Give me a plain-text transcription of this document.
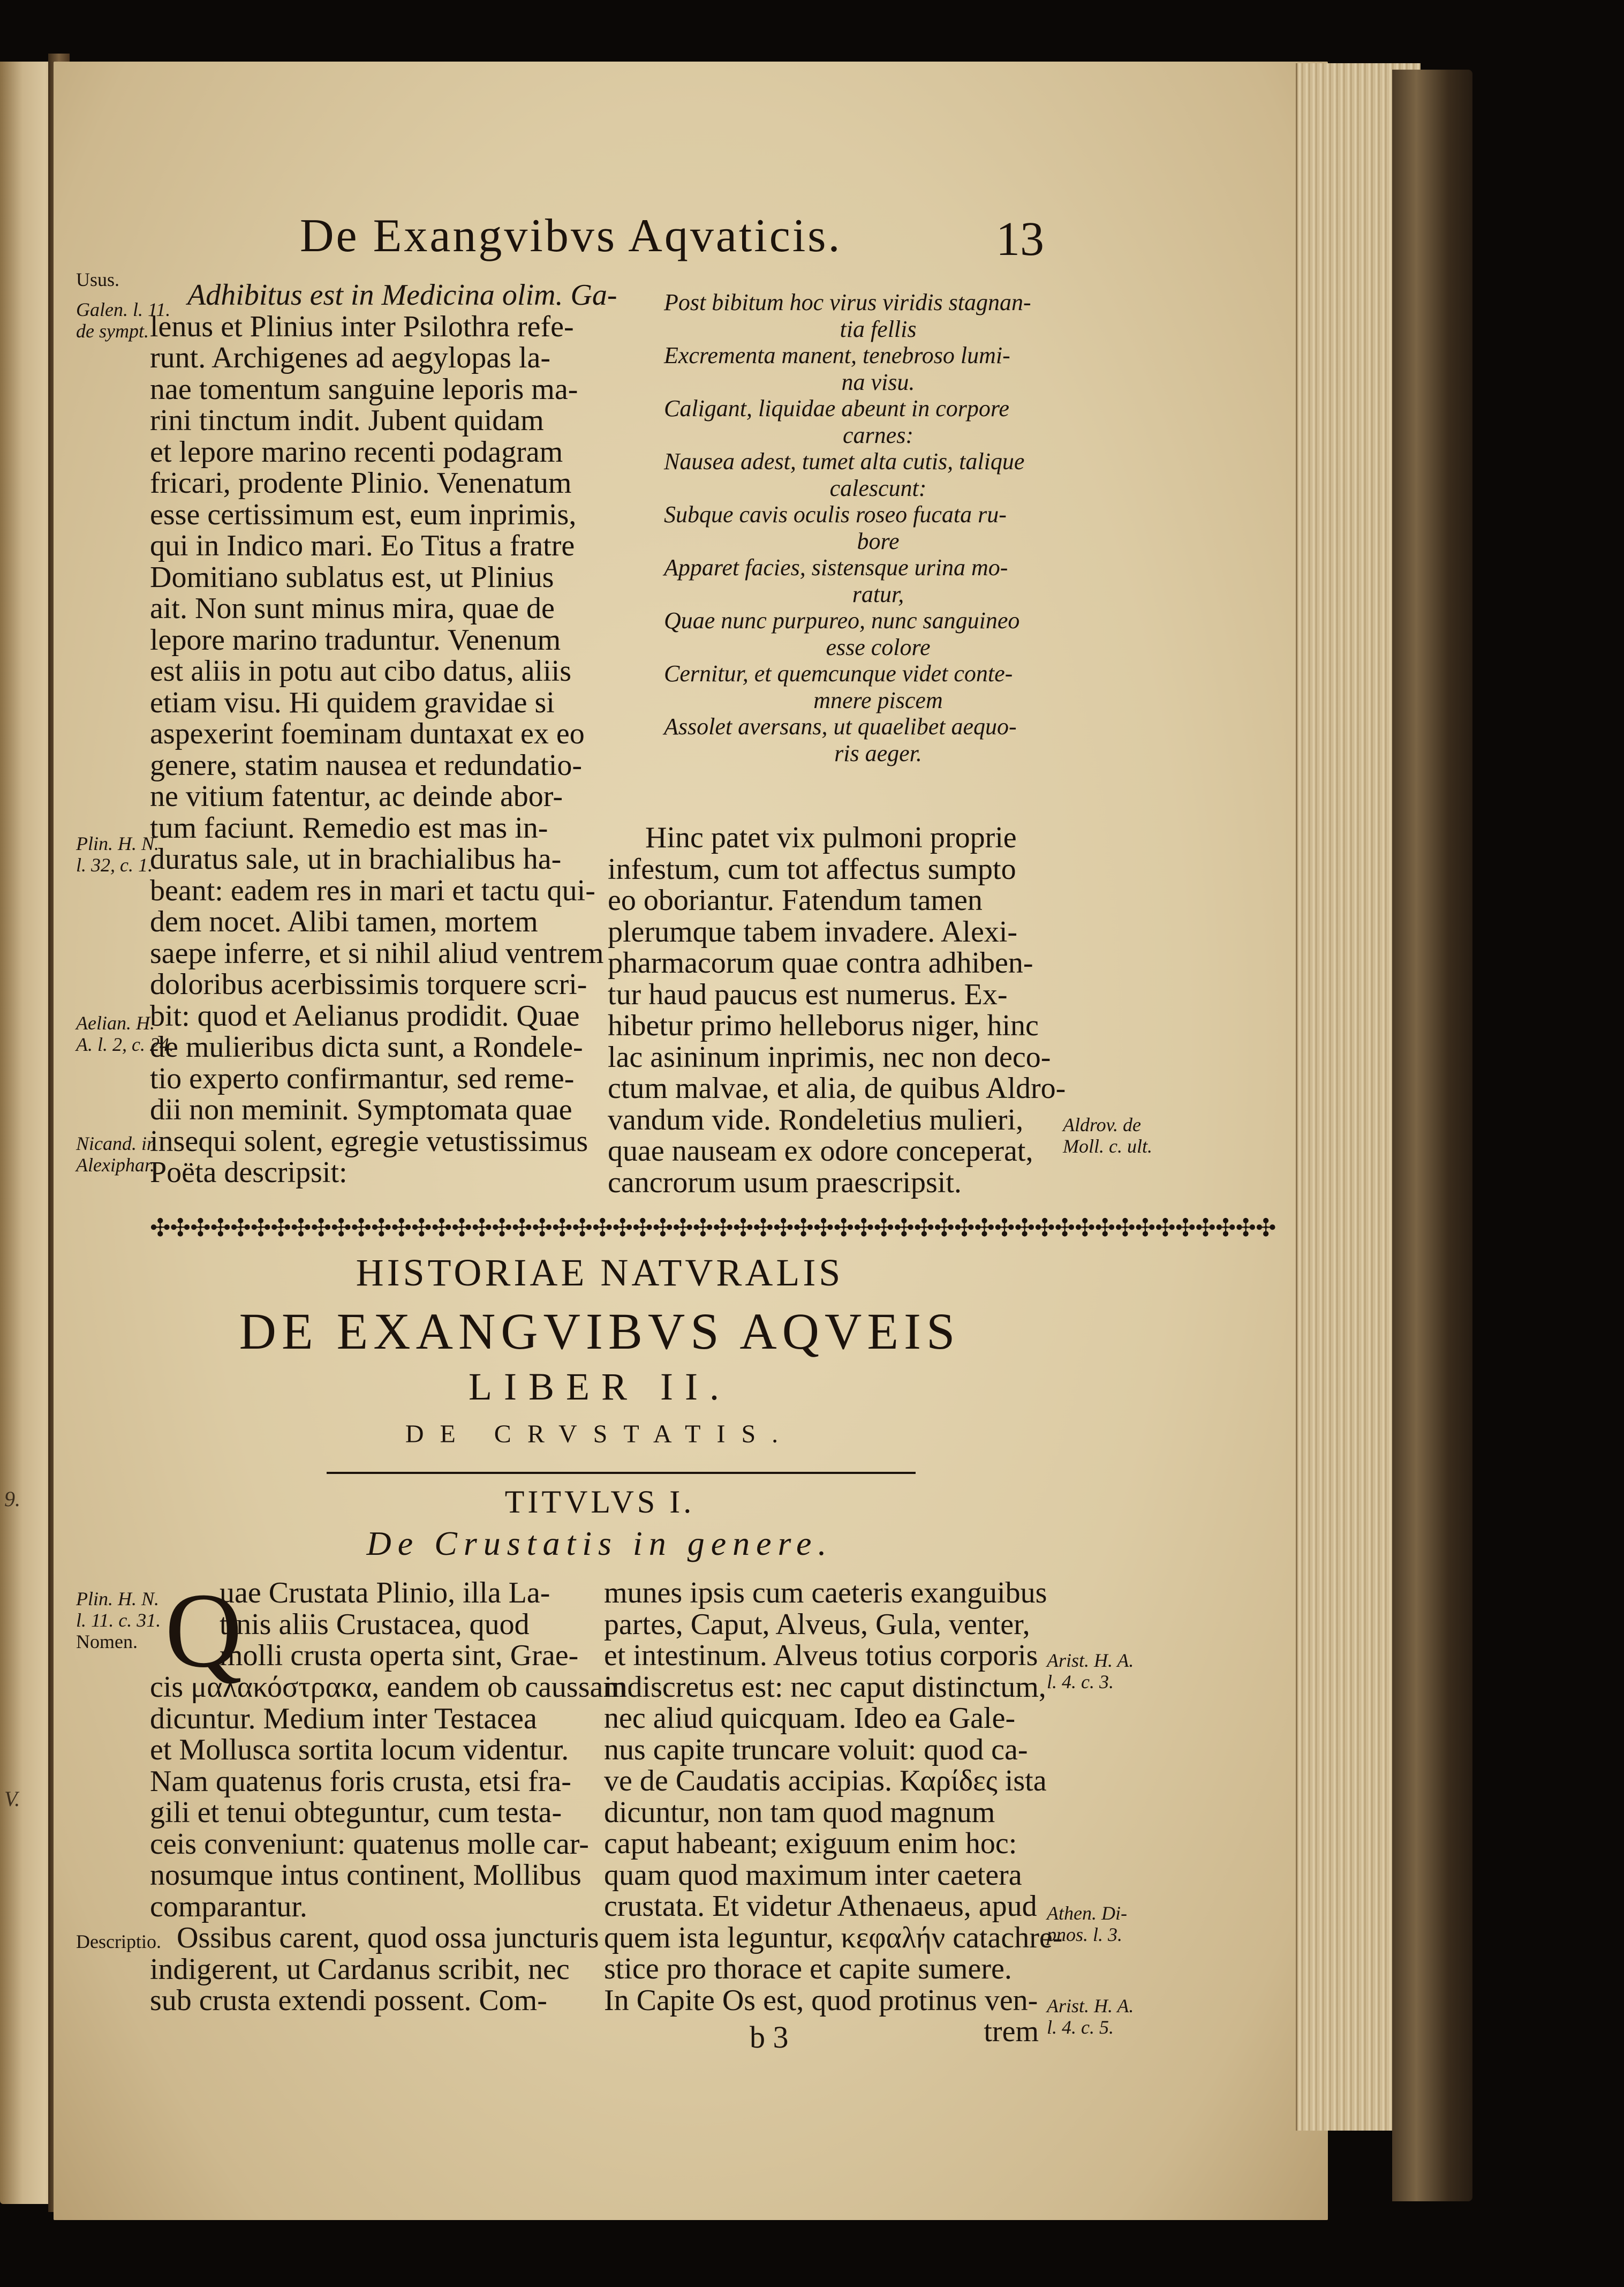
9.
V.
De Exangvibvs Aqvaticis.	13
Usus.
Galen. l. 11.
de sympt.
Plin. H. N.
l. 32, c. 1.
Aelian. H.
A. l. 2, c. 24.
Nicand. in
Alexiphar.
Adhibitus est in Medicina olim. Ga-
lenus et Plinius inter Psilothra refe-
runt. Archigenes ad aegylopas la-
nae tomentum sanguine leporis ma-
rini tinctum indit. Jubent quidam
et lepore marino recenti podagram
fricari, prodente Plinio. Venenatum
esse certissimum est, eum inprimis,
qui in Indico mari. Eo Titus a fratre
Domitiano sublatus est, ut Plinius
ait. Non sunt minus mira, quae de
lepore marino traduntur. Venenum
est aliis in potu aut cibo datus, aliis
etiam visu. Hi quidem gravidae si
aspexerint foeminam duntaxat ex eo
genere, statim nausea et redundatio-
ne vitium fatentur, ac deinde abor-
tum faciunt. Remedio est mas in-
duratus sale, ut in brachialibus ha-
beant: eadem res in mari et tactu qui-
dem nocet. Alibi tamen, mortem
saepe inferre, et si nihil aliud ventrem
doloribus acerbissimis torquere scri-
bit: quod et Aelianus prodidit. Quae
de mulieribus dicta sunt, a Rondele-
tio experto confirmantur, sed reme-
dii non meminit. Symptomata quae
insequi solent, egregie vetustissimus
Poëta descripsit:
Post bibitum hoc virus viridis stagnan-
tia fellis
Excrementa manent, tenebroso lumi-
na visu.
Caligant, liquidae abeunt in corpore
carnes:
Nausea adest, tumet alta cutis, talique
calescunt:
Subque cavis oculis roseo fucata ru-
bore
Apparet facies, sistensque urina mo-
ratur,
Quae nunc purpureo, nunc sanguineo
esse colore
Cernitur, et quemcunque videt conte-
mnere piscem
Assolet aversans, ut quaelibet aequo-
ris aeger.
Hinc patet vix pulmoni proprie
infestum, cum tot affectus sumpto
eo oboriantur. Fatendum tamen
plerumque tabem invadere. Alexi-
pharmacorum quae contra adhiben-
tur haud paucus est numerus. Ex-
hibetur primo helleborus niger, hinc
lac asininum inprimis, nec non deco-
ctum malvae, et alia, de quibus Aldro-
vandum vide. Rondeletius mulieri,
quae nauseam ex odore conceperat,
cancrorum usum praescripsit.
Aldrov. de
Moll. c. ult.
✣✣✣✣✣✣✣✣✣✣✣✣✣✣✣✣✣✣✣✣✣✣✣✣✣✣✣✣✣✣✣✣✣✣✣✣✣✣✣✣✣✣✣✣✣✣✣✣✣✣✣✣✣✣✣✣
HISTORIAE NATVRALIS
DE EXANGVIBVS AQVEIS
LIBER II.
DE CRVSTATIS.
TITVLVS I.
De Crustatis in genere.
Plin. H. N.
l. 11. c. 31.
Nomen.
Descriptio.
Q
uae Crustata Plinio, illa La-
tinis aliis Crustacea, quod
molli crusta operta sint, Grae-
cis μαλακόστρακα, eandem ob caussam
dicuntur. Medium inter Testacea
et Mollusca sortita locum videntur.
Nam quatenus foris crusta, etsi fra-
gili et tenui obteguntur, cum testa-
ceis conveniunt: quatenus molle car-
nosumque intus continent, Mollibus
comparantur.
Ossibus carent, quod ossa juncturis
indigerent, ut Cardanus scribit, nec
sub crusta extendi possent. Com-
munes ipsis cum caeteris exanguibus
partes, Caput, Alveus, Gula, venter,
et intestinum. Alveus totius corporis
indiscretus est: nec caput distinctum,
nec aliud quicquam. Ideo ea Gale-
nus capite truncare voluit: quod ca-
ve de Caudatis accipias. Καρίδες ista
dicuntur, non tam quod magnum
caput habeant; exiguum enim hoc:
quam quod maximum inter caetera
crustata. Et videtur Athenaeus, apud
quem ista leguntur, κεφαλήν catachre-
stice pro thorace et capite sumere.
In Capite Os est, quod protinus ven-
trem
Arist. H. A.
l. 4. c. 3.
Athen. Di-
pnos. l. 3.
Arist. H. A.
l. 4. c. 5.
b 3
